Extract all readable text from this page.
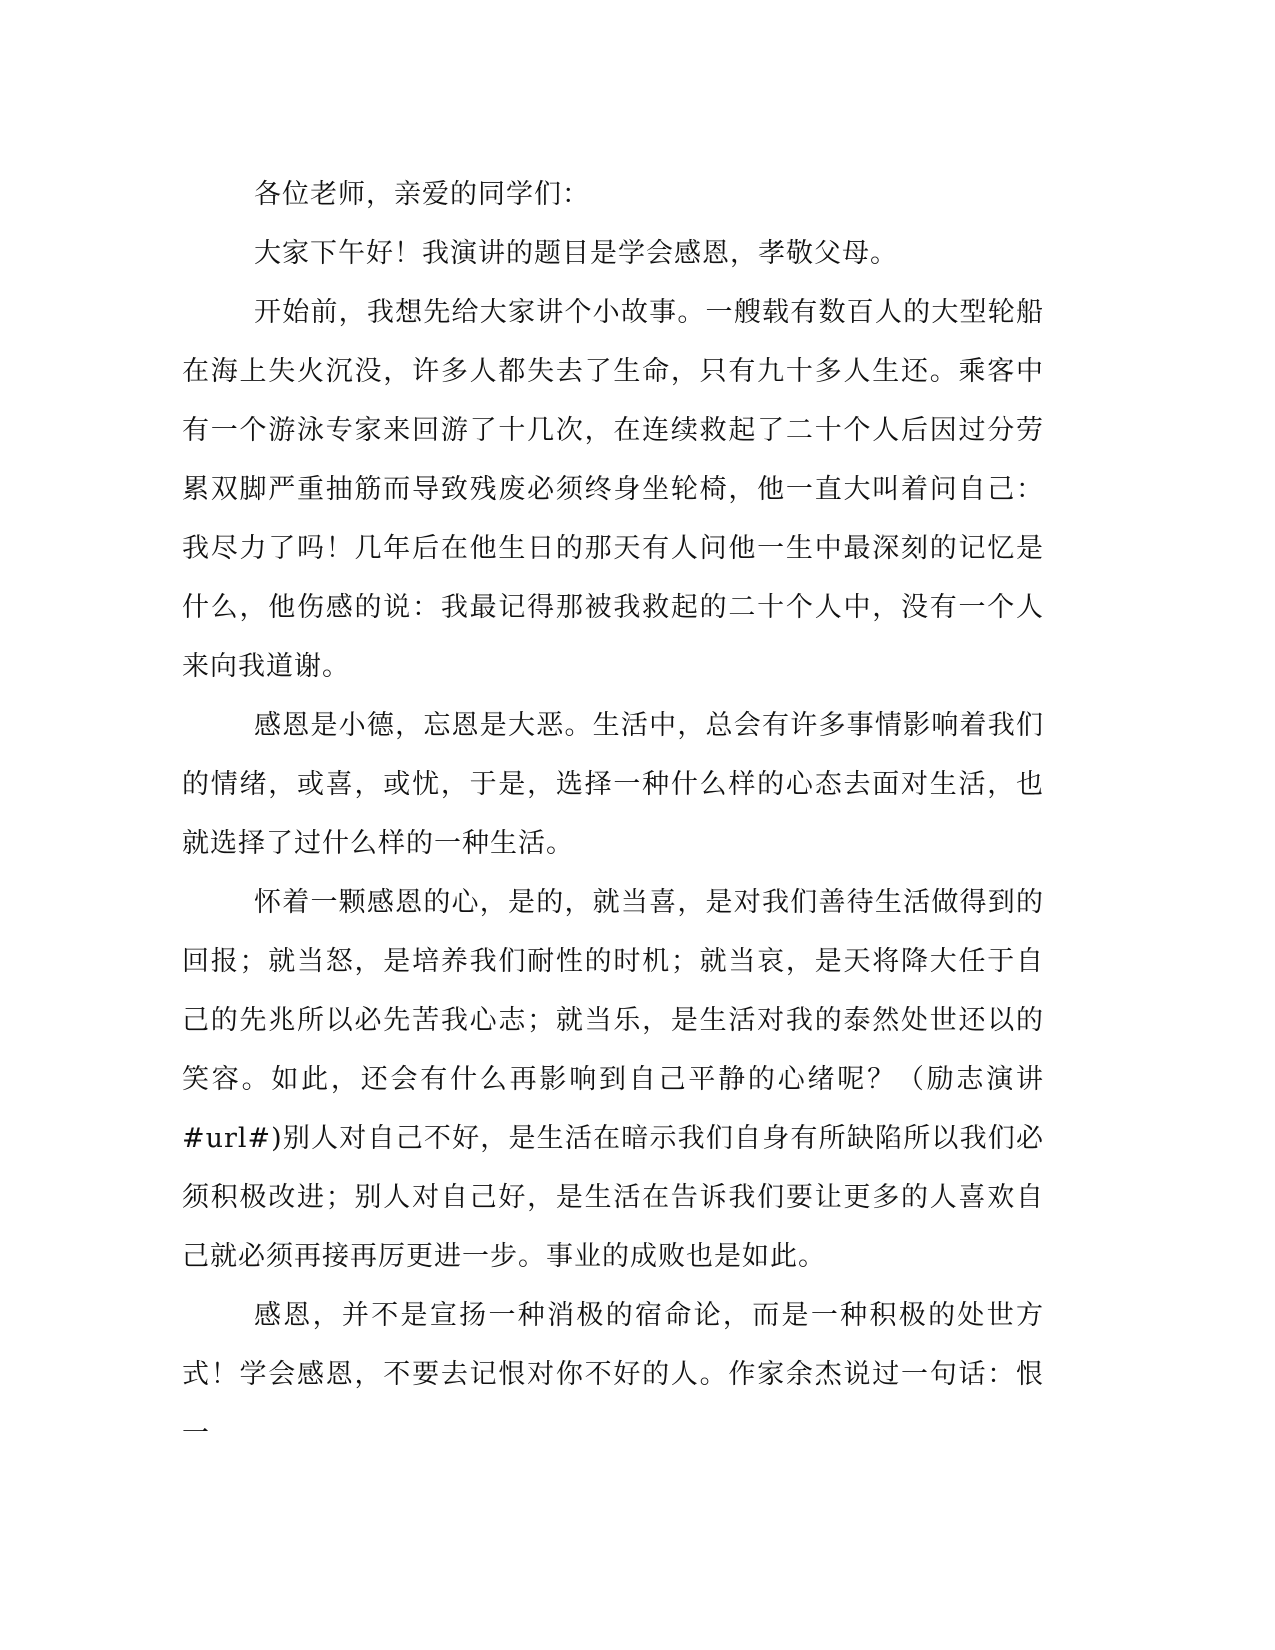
各位老师，亲爱的同学们：

大家下午好！我演讲的题目是学会感恩，孝敬父母。

开始前，我想先给大家讲个小故事。一艘载有数百人的大型轮船在海上失火沉没，许多人都失去了生命，只有九十多人生还。乘客中有一个游泳专家来回游了十几次，在连续救起了二十个人后因过分劳累双脚严重抽筋而导致残废必须终身坐轮椅，他一直大叫着问自己：我尽力了吗！几年后在他生日的那天有人问他一生中最深刻的记忆是什么，他伤感的说：我最记得那被我救起的二十个人中，没有一个人来向我道谢。

感恩是小德，忘恩是大恶。生活中，总会有许多事情影响着我们的情绪，或喜，或忧，于是，选择一种什么样的心态去面对生活，也就选择了过什么样的一种生活。

怀着一颗感恩的心，是的，就当喜，是对我们善待生活做得到的回报；就当怒，是培养我们耐性的时机；就当哀，是天将降大任于自己的先兆所以必先苦我心志；就当乐，是生活对我的泰然处世还以的笑容。如此，还会有什么再影响到自己平静的心绪呢？（励志演讲#url#)别人对自己不好，是生活在暗示我们自身有所缺陷所以我们必须积极改进；别人对自己好，是生活在告诉我们要让更多的人喜欢自己就必须再接再厉更进一步。事业的成败也是如此。

感恩，并不是宣扬一种消极的宿命论，而是一种积极的处世方式！学会感恩，不要去记恨对你不好的人。作家余杰说过一句话：恨一
